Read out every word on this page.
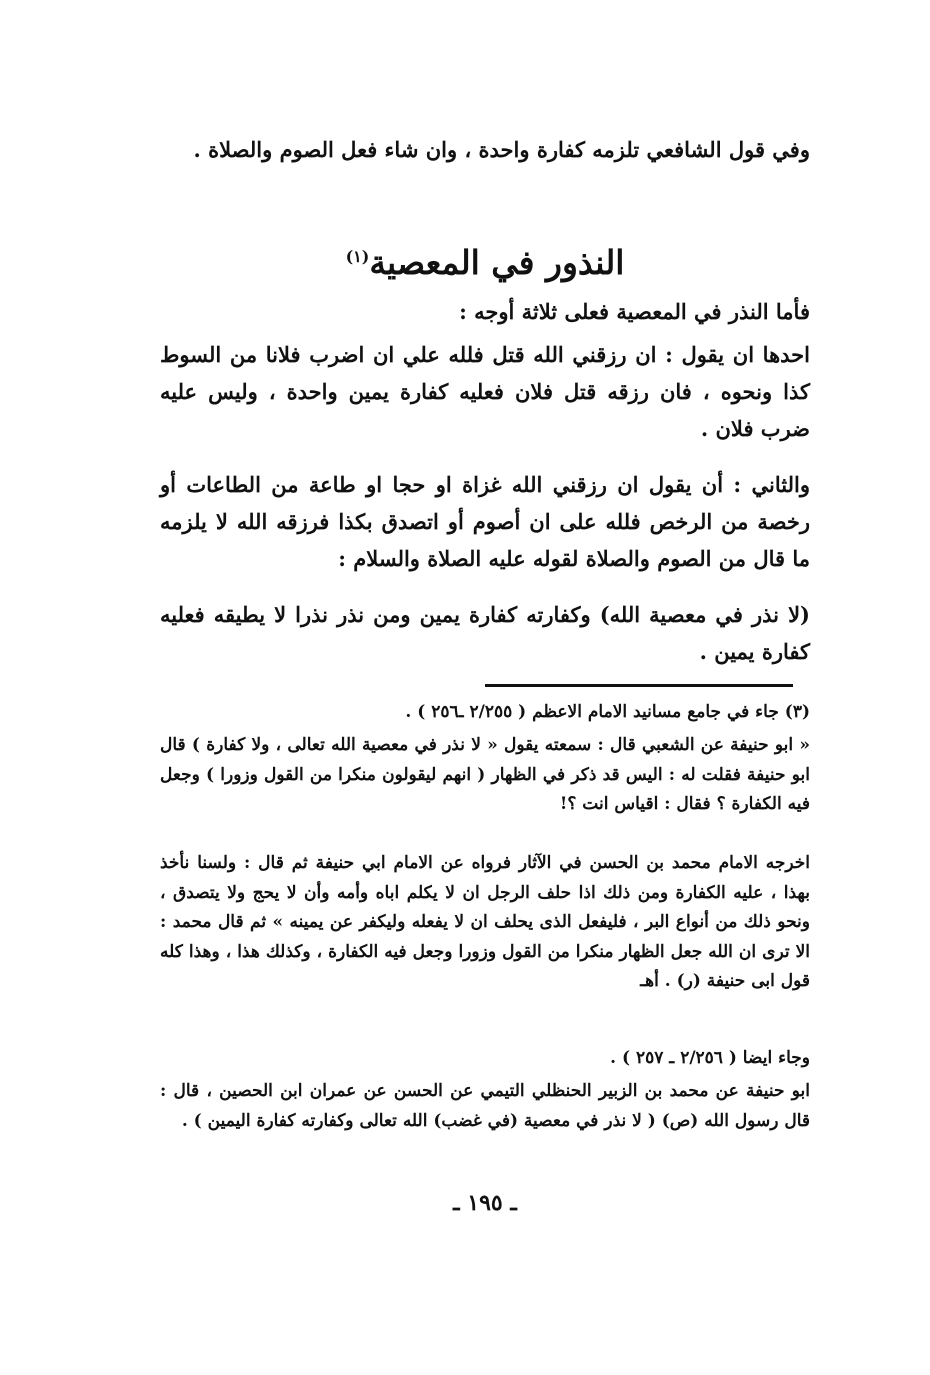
وفي قول الشافعي تلزمه كفارة واحدة ، وان شاء فعل الصوم والصلاة .

النذور في المعصية$^{(١)}$

فأما النذر في المعصية فعلى ثلاثة أوجه :

احدها ان يقول : ان رزقني الله قتل فلله علي ان اضرب فلانا من السوط كذا ونحوه ، فان رزقه قتل فلان فعليه كفارة يمين واحدة ، وليس عليه ضرب فلان .

والثاني : أن يقول ان رزقني الله غزاة او حجا او طاعة من الطاعات أو رخصة من الرخص فلله على ان أصوم أو اتصدق بكذا فرزقه الله لا يلزمه ما قال من الصوم والصلاة لقوله عليه الصلاة والسلام :

(لا نذر في معصية الله) وكفارته كفارة يمين ومن نذر نذرا لا يطيقه فعليه كفارة يمين .

(٣) جاء في جامع مسانيد الامام الاعظم ( ٢/٢٥٥ ـ٢٥٦ ) .

« ابو حنيفة عن الشعبي قال : سمعته يقول « لا نذر في معصية الله تعالى ، ولا كفارة ) قال ابو حنيفة فقلت له : اليس قد ذكر في الظهار ( انهم ليقولون منكرا من القول وزورا ) وجعل فيه الكفارة ؟ فقال : اقياس انت ؟!

اخرجه الامام محمد بن الحسن في الآثار فرواه عن الامام ابي حنيفة ثم قال : ولسنا نأخذ بهذا ، عليه الكفارة ومن ذلك اذا حلف الرجل ان لا يكلم اباه وأمه وأن لا يحج ولا يتصدق ، ونحو ذلك من أنواع البر ، فليفعل الذى يحلف ان لا يفعله وليكفر عن يمينه » ثم قال محمد : الا ترى ان الله جعل الظهار منكرا من القول وزورا وجعل فيه الكفارة ، وكذلك هذا ، وهذا كله قول ابى حنيفة (ر) . أهـ

وجاء ايضا ( ٢/٢٥٦ ـ ٢٥٧ ) .

ابو حنيفة عن محمد بن الزبير الحنظلي التيمي عن الحسن عن عمران ابن الحصين ، قال : قال رسول الله (ص) ( لا نذر في معصية (في غضب) الله تعالى وكفارته كفارة اليمين ) .

ـ ١٩٥ ـ
